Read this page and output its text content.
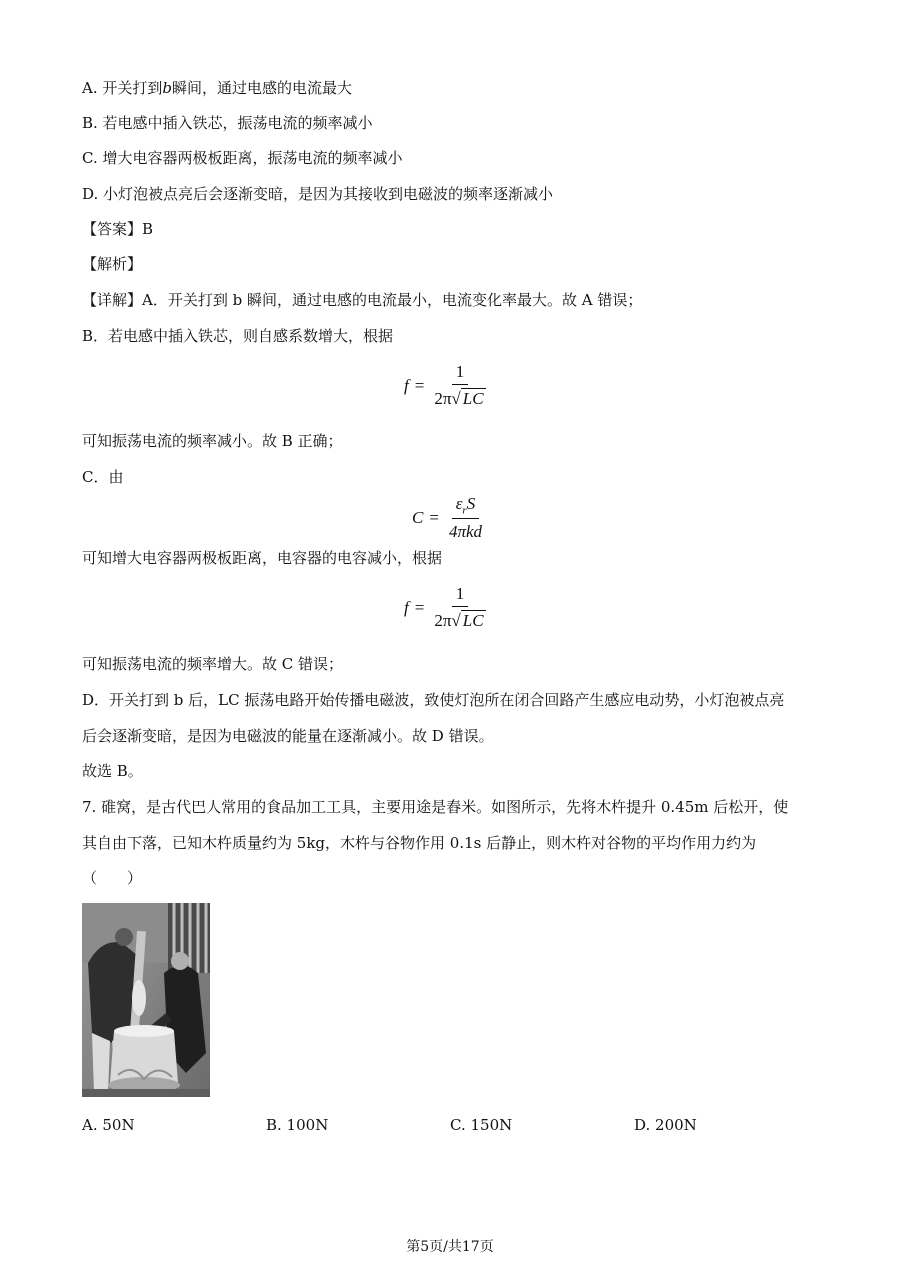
A. 开关打到b瞬间，通过电感的电流最大
B. 若电感中插入铁芯，振荡电流的频率减小
C. 增大电容器两极板距离，振荡电流的频率减小
D. 小灯泡被点亮后会逐渐变暗，是因为其接收到电磁波的频率逐渐减小
【答案】B
【解析】
【详解】A．开关打到 b 瞬间，通过电感的电流最小，电流变化率最大。故 A 错误；
B．若电感中插入铁芯，则自感系数增大，根据
$f = \frac{1}{2\pi √ LC}$
可知振荡电流的频率减小。故 B 正确；
C．由
$C = \frac{\varepsilon_rS}{\text{4πkd}}$
可知增大电容器两极板距离，电容器的电容减小，根据
$f = \frac{1}{2\pi √ LC}$
可知振荡电流的频率增大。故 C 错误；
D．开关打到 b 后，LC 振荡电路开始传播电磁波，致使灯泡所在闭合回路产生感应电动势，小灯泡被点亮
后会逐渐变暗，是因为电磁波的能量在逐渐减小。故 D 错误。
故选 B。
7. 碓窝，是古代巴人常用的食品加工工具，主要用途是舂米。如图所示，先将木杵提升 0.45m 后松开，使
其自由下落，已知木杵质量约为 5kg，木杵与谷物作用 0.1s 后静止，则木杵对谷物的平均作用力约为
（　　）
A. 50N	B. 100N	C. 150N	D. 200N
第5页/共17页
